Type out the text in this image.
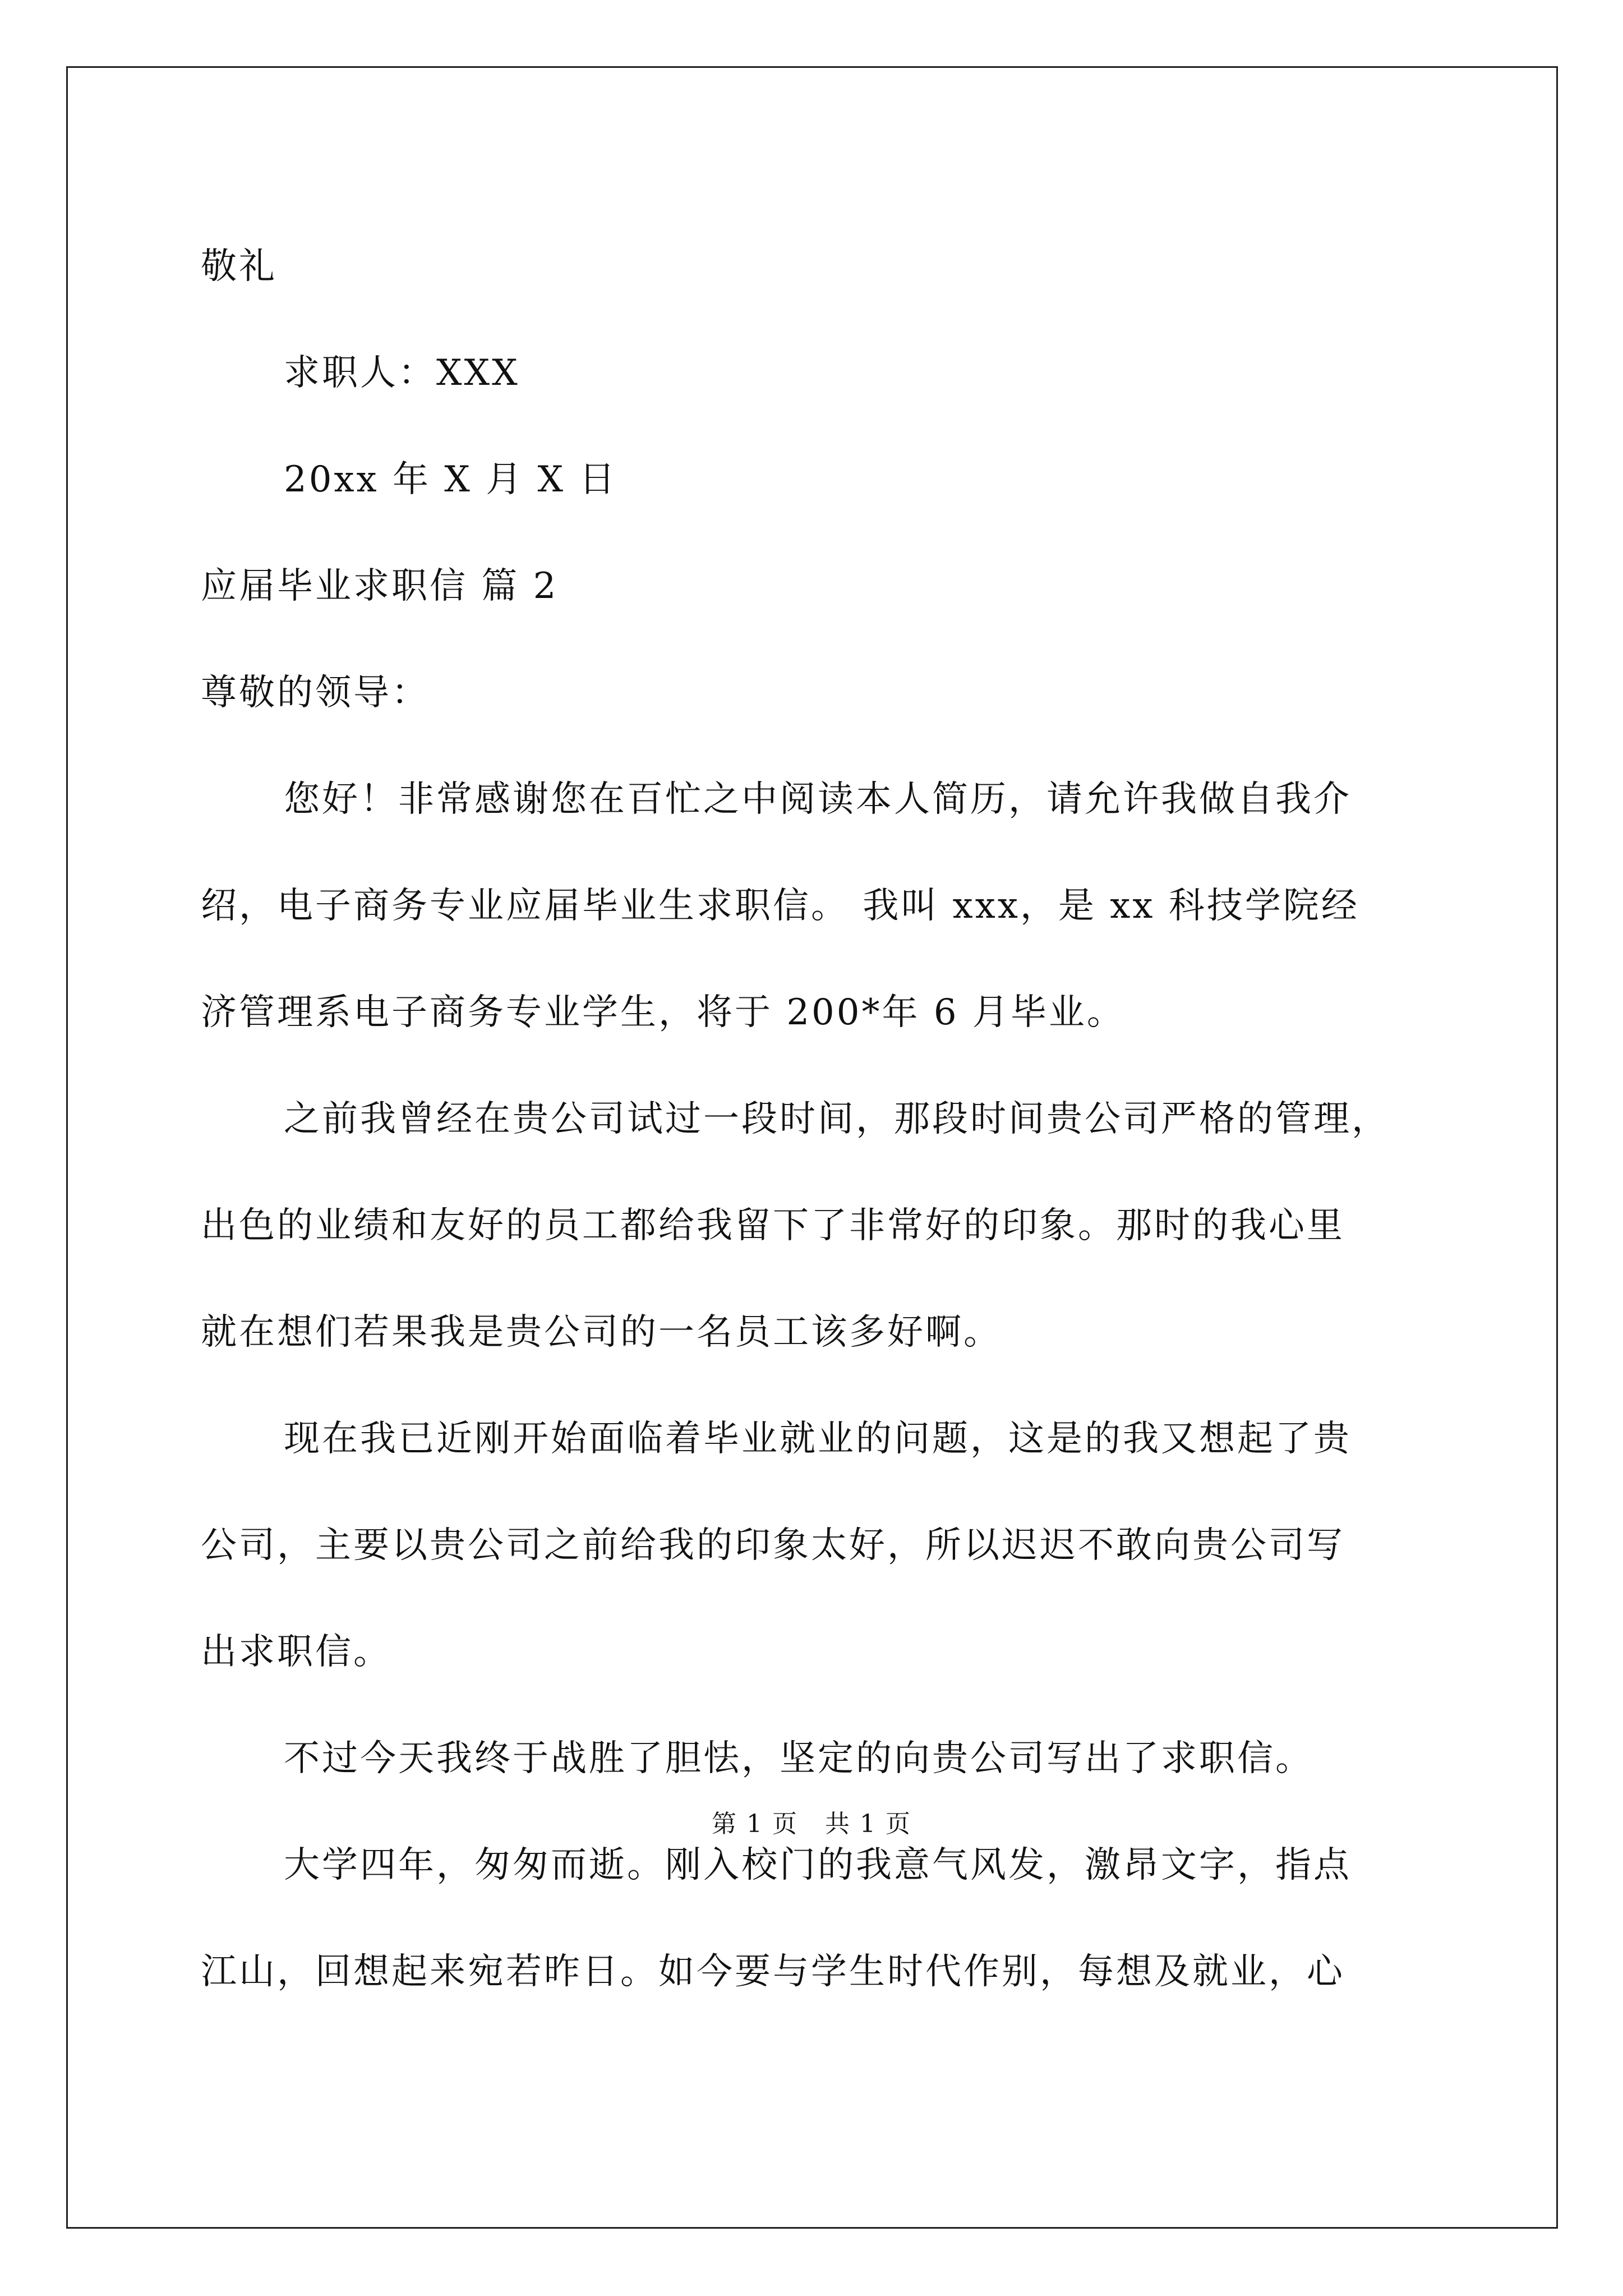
敬礼

求职人：XXX

20xx 年 X 月 X 日

应届毕业求职信 篇 2

尊敬的领导：

您好！非常感谢您在百忙之中阅读本人简历，请允许我做自我介

绍，电子商务专业应届毕业生求职信。 我叫 xxx，是 xx 科技学院经

济管理系电子商务专业学生，将于 200*年 6 月毕业。

之前我曾经在贵公司试过一段时间，那段时间贵公司严格的管理，

出色的业绩和友好的员工都给我留下了非常好的印象。那时的我心里

就在想们若果我是贵公司的一名员工该多好啊。

现在我已近刚开始面临着毕业就业的问题，这是的我又想起了贵

公司，主要以贵公司之前给我的印象太好，所以迟迟不敢向贵公司写

出求职信。

不过今天我终于战胜了胆怯，坚定的向贵公司写出了求职信。

大学四年，匆匆而逝。刚入校门的我意气风发，激昂文字，指点

江山，回想起来宛若昨日。如今要与学生时代作别，每想及就业，心

第 1 页   共 1 页
